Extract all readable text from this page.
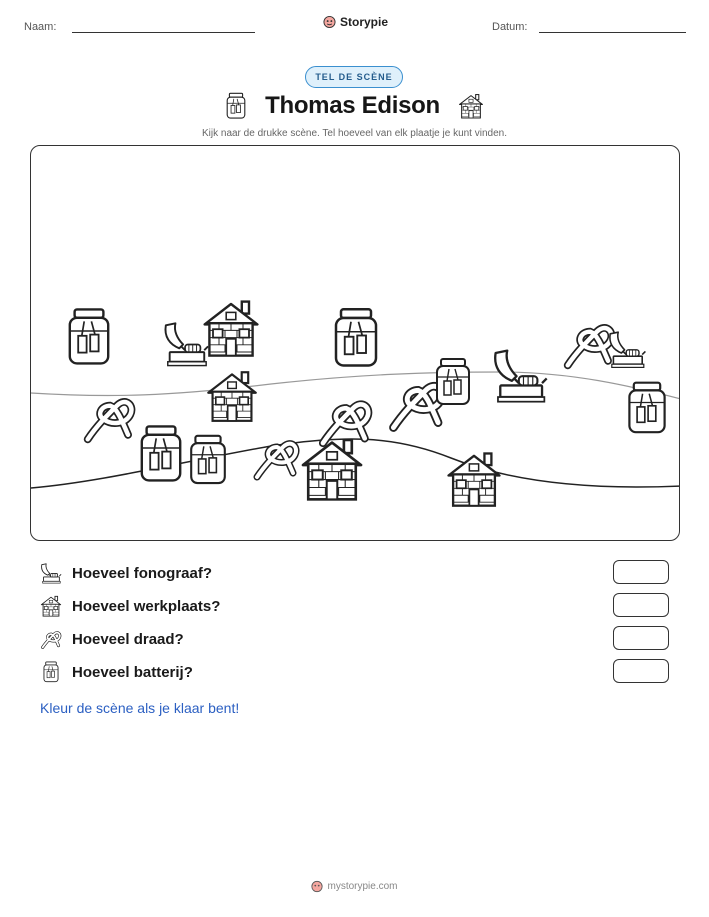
Naam:	Storypie	Datum:
TEL DE SCÈNE
Thomas Edison
Kijk naar de drukke scène. Tel hoeveel van elk plaatje je kunt vinden.
Hoeveel fonograaf?
Hoeveel werkplaats?
Hoeveel draad?
Hoeveel batterij?
Kleur de scène als je klaar bent!
mystorypie.com
